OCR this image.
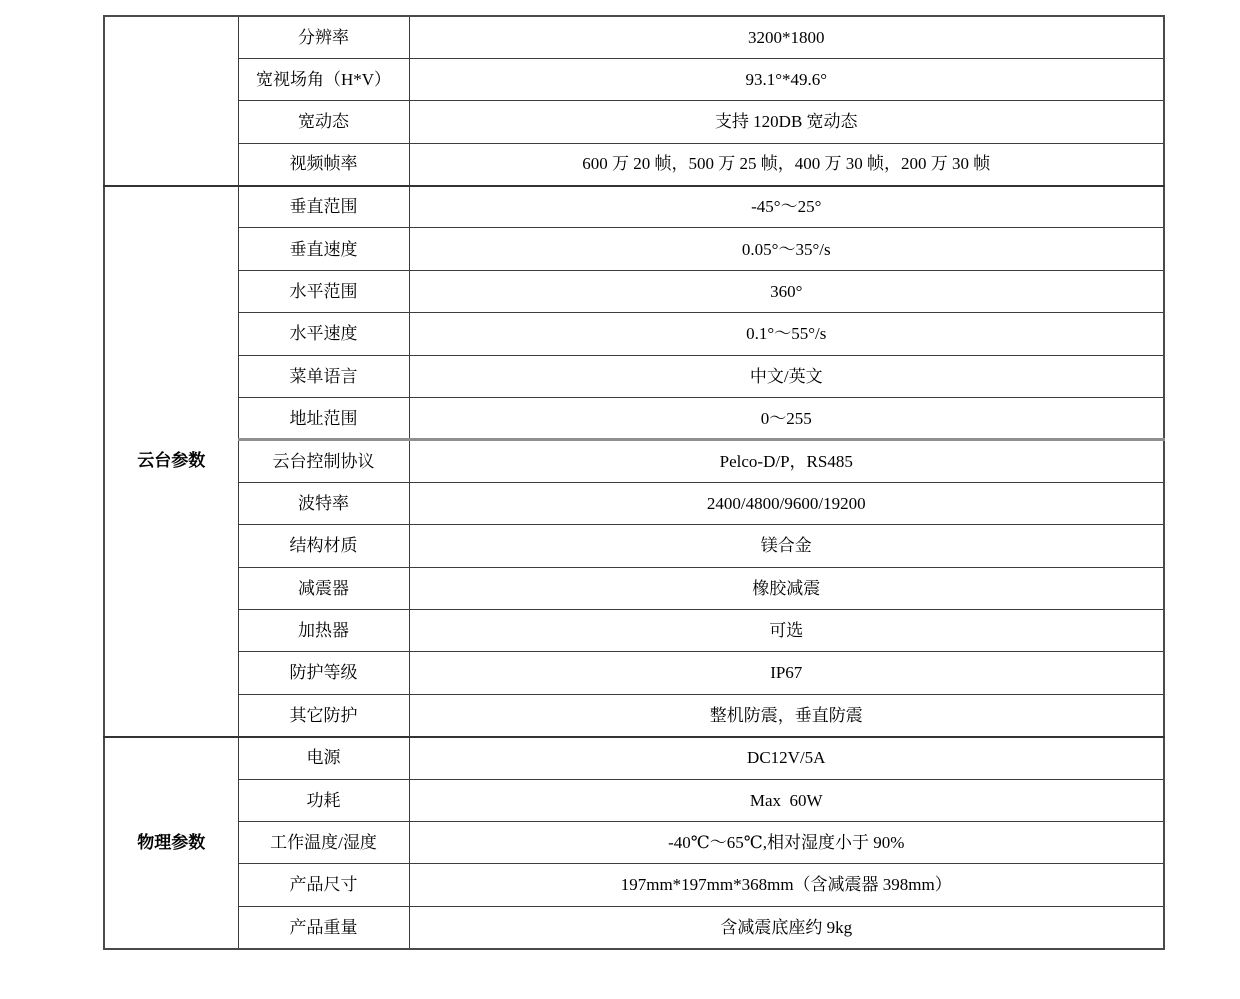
	分辨率	3200*1800
	宽视场角（H*V）	93.1°*49.6°
	宽动态	支持 120DB 宽动态
	视频帧率	600 万 20 帧，500 万 25 帧，400 万 30 帧，200 万 30 帧
云台参数	垂直范围	-45°～25°
	垂直速度	0.05°～35°/s
	水平范围	360°
	水平速度	0.1°～55°/s
	菜单语言	中文/英文
	地址范围	0～255
	云台控制协议	Pelco-D/P，RS485
	波特率	2400/4800/9600/19200
	结构材质	镁合金
	减震器	橡胶减震
	加热器	可选
	防护等级	IP67
	其它防护	整机防震，垂直防震
物理参数	电源	DC12V/5A
	功耗	Max  60W
	工作温度/湿度	-40℃～65℃,相对湿度小于 90%
	产品尺寸	197mm*197mm*368mm（含减震器 398mm）
	产品重量	含减震底座约 9kg
